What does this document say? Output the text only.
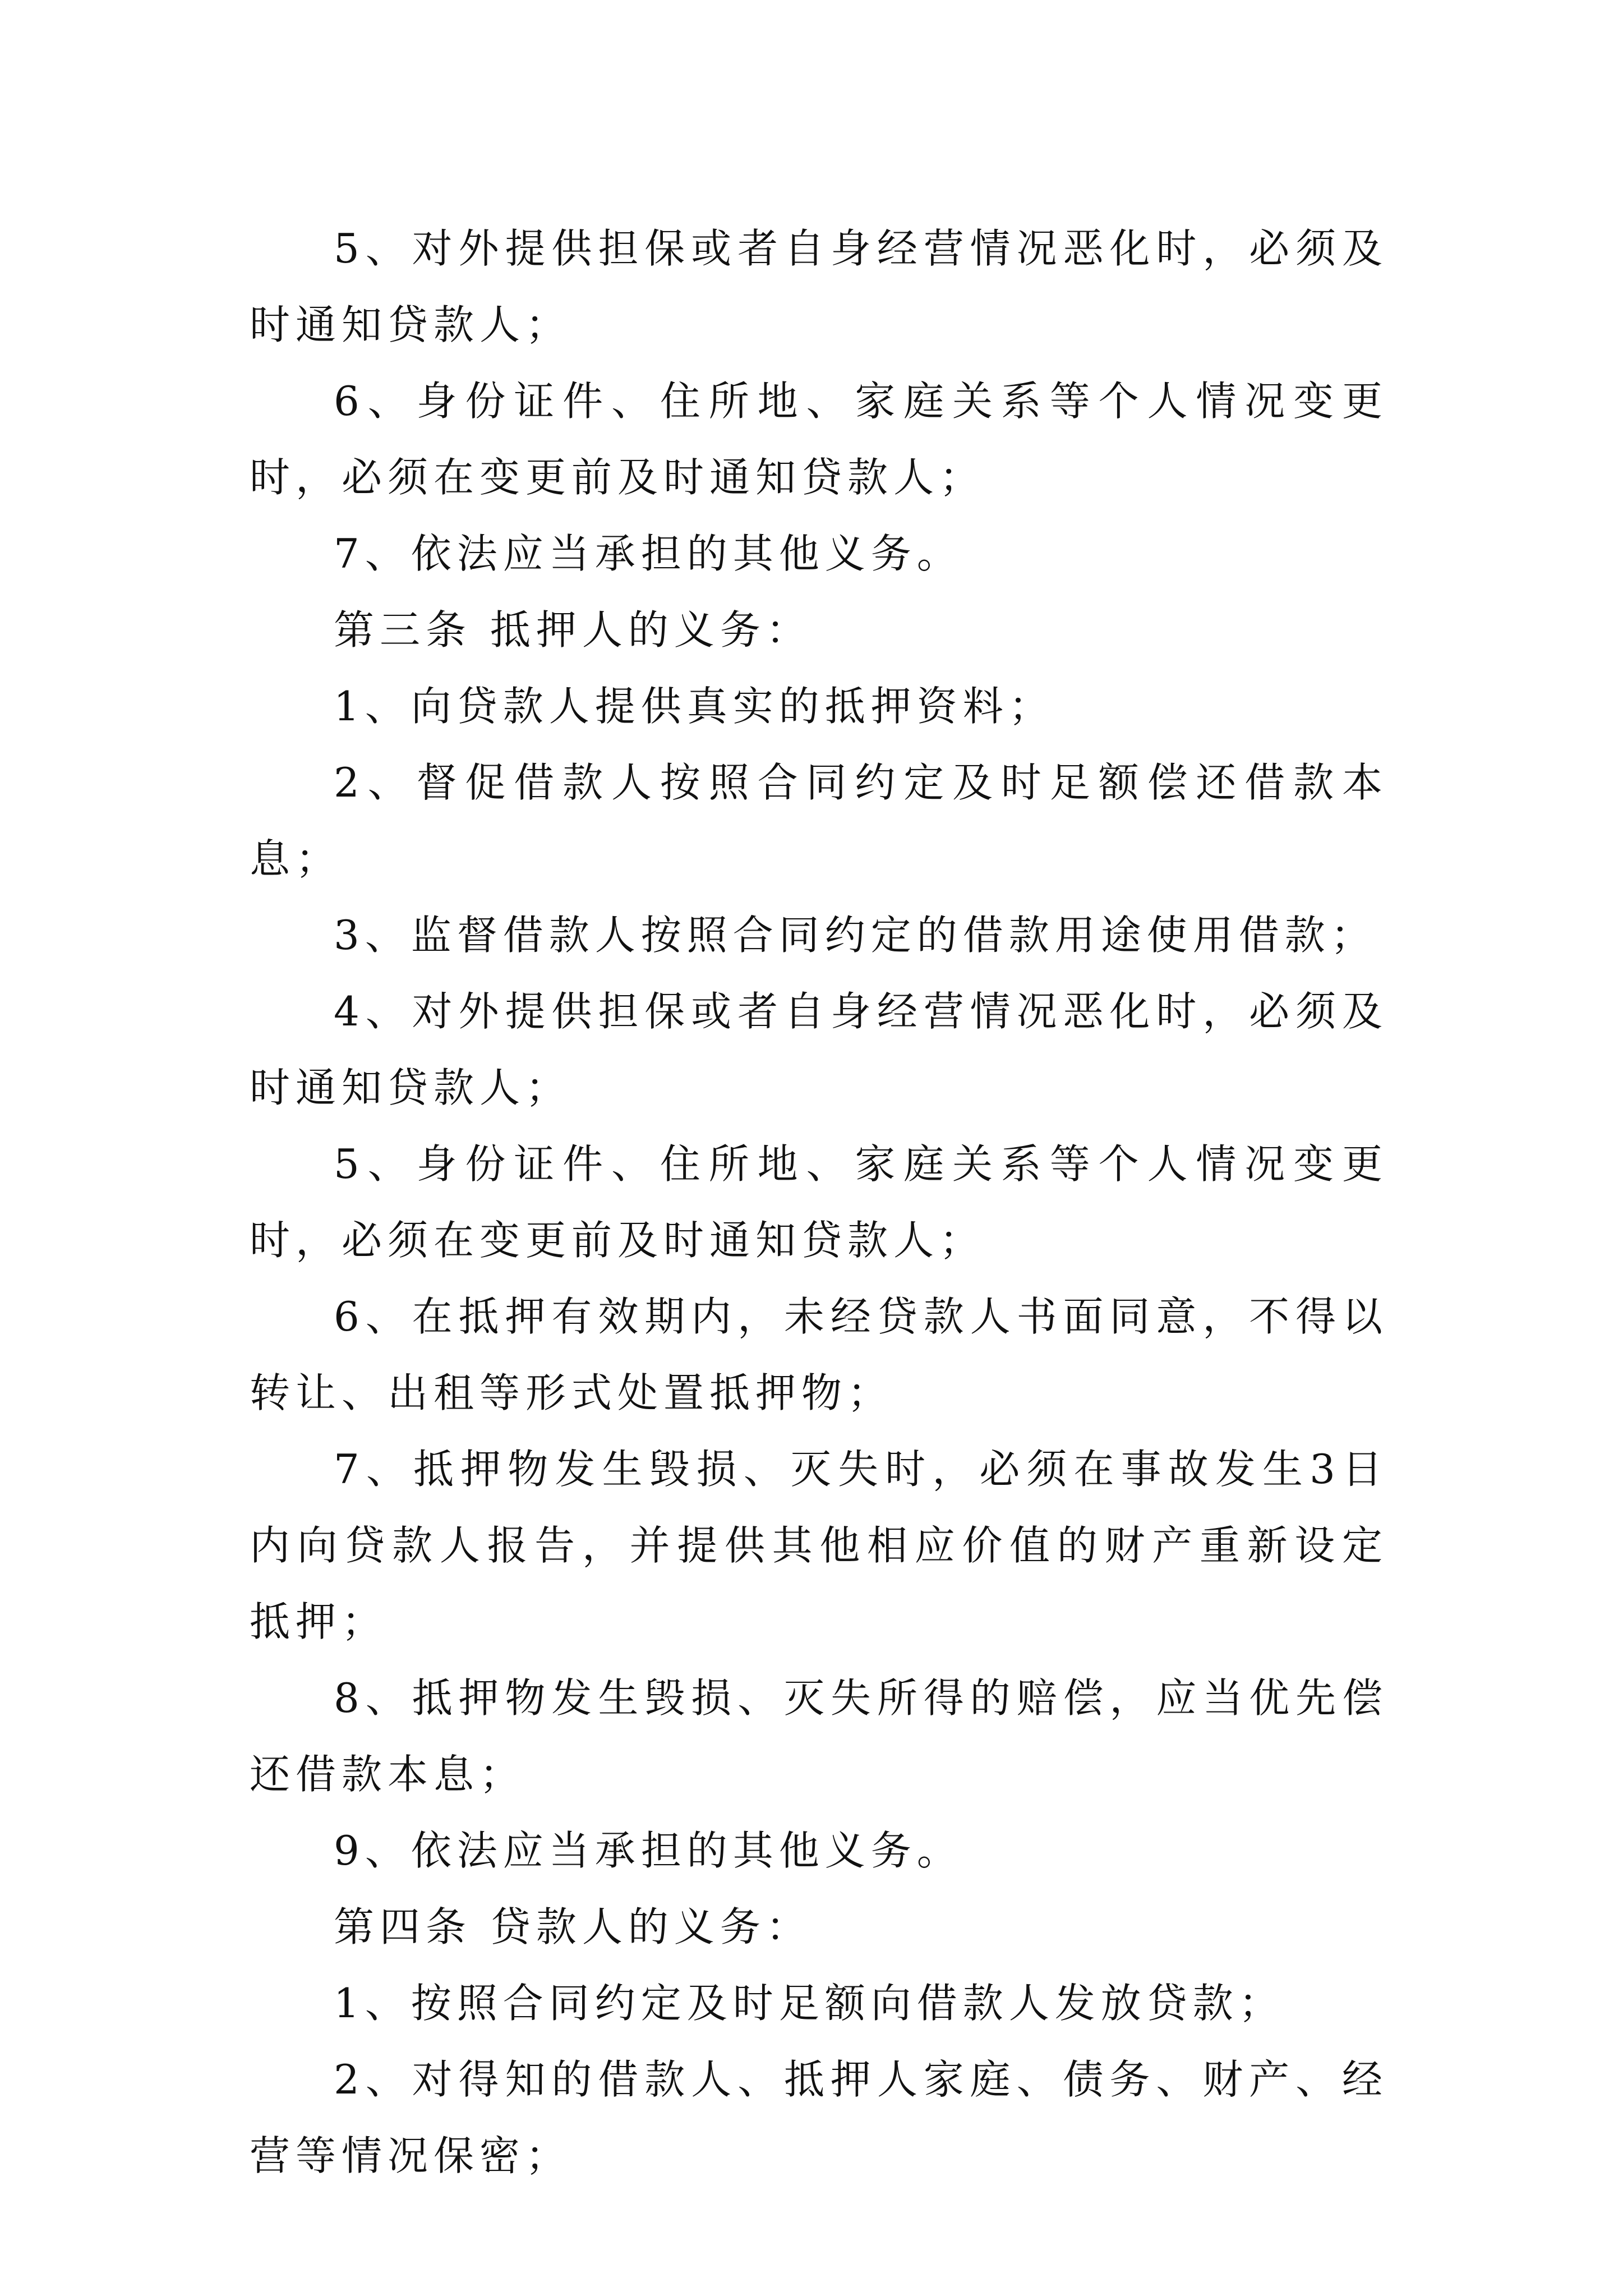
5、对外提供担保或者自身经营情况恶化时，必须及时通知贷款人；

6、身份证件、住所地、家庭关系等个人情况变更时，必须在变更前及时通知贷款人；

7、依法应当承担的其他义务。

第三条 抵押人的义务：

1、向贷款人提供真实的抵押资料；

2、督促借款人按照合同约定及时足额偿还借款本息；

3、监督借款人按照合同约定的借款用途使用借款；

4、对外提供担保或者自身经营情况恶化时，必须及时通知贷款人；

5、身份证件、住所地、家庭关系等个人情况变更时，必须在变更前及时通知贷款人；

6、在抵押有效期内，未经贷款人书面同意，不得以转让、出租等形式处置抵押物；

7、抵押物发生毁损、灭失时，必须在事故发生3日内向贷款人报告，并提供其他相应价值的财产重新设定抵押；

8、抵押物发生毁损、灭失所得的赔偿，应当优先偿还借款本息；

9、依法应当承担的其他义务。

第四条 贷款人的义务：

1、按照合同约定及时足额向借款人发放贷款；

2、对得知的借款人、抵押人家庭、债务、财产、经营等情况保密；
